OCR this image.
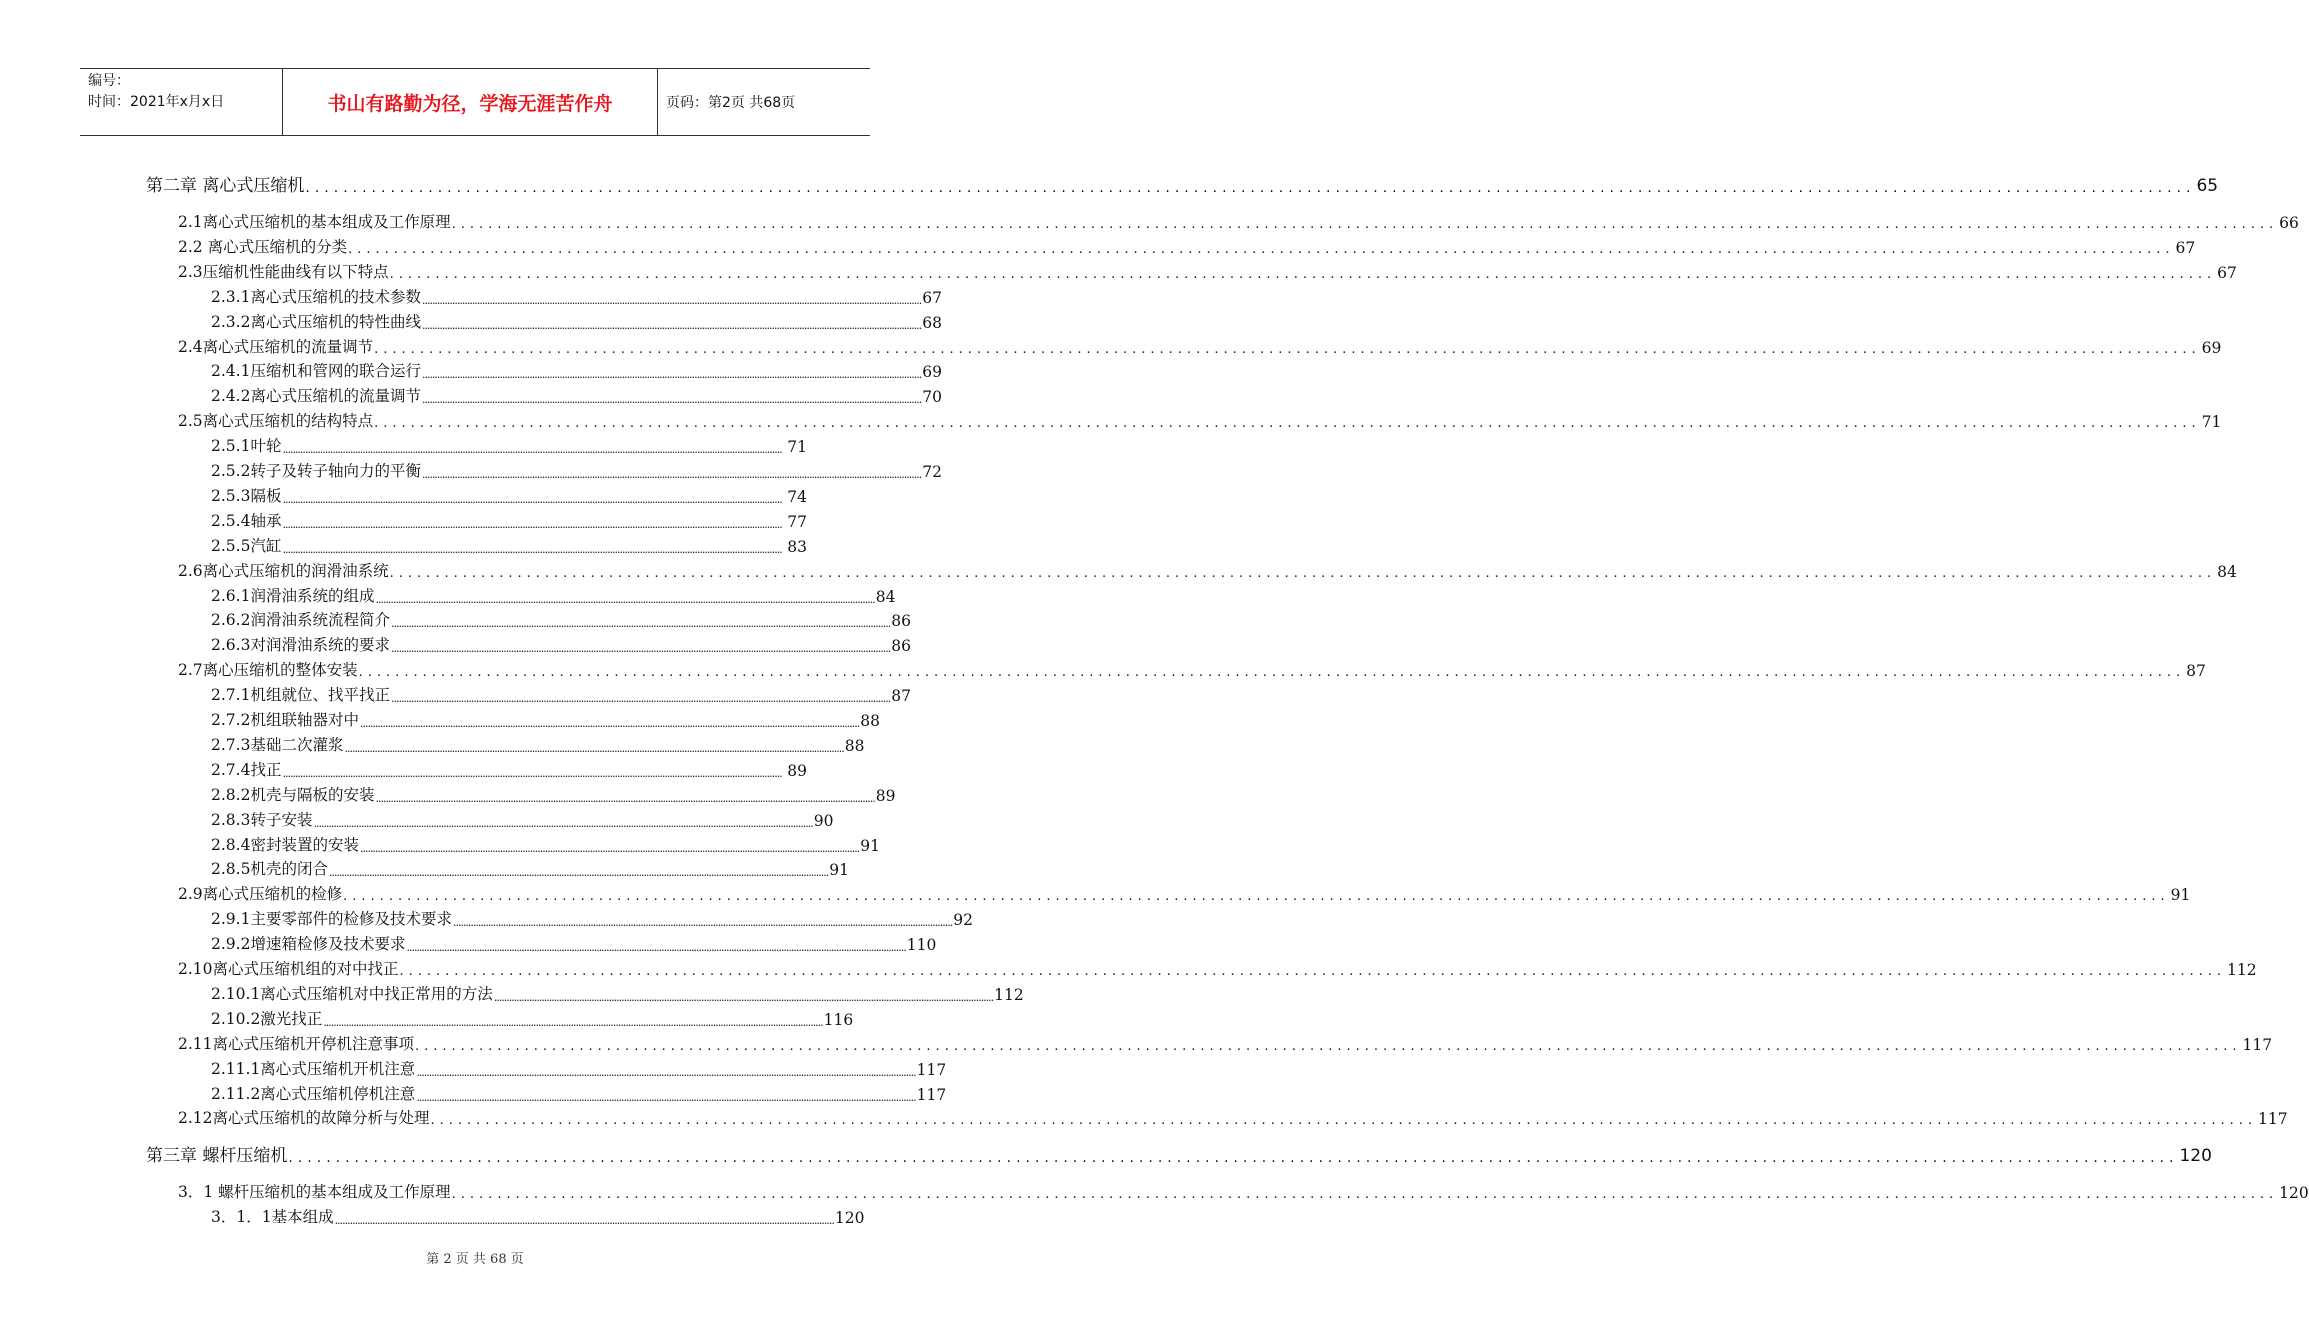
编号：
时间：2021年x月x日	书山有路勤为径，学海无涯苦作舟	页码：第2页 共68页
第二章 离心式压缩机 ........................................................................................................................................................................................................ 65
2.1离心式压缩机的基本组成及工作原理 ........................................................................................................................................................................................................ 66
2.2 离心式压缩机的分类 ........................................................................................................................................................................................................ 67
2.3压缩机性能曲线有以下特点 ........................................................................................................................................................................................................ 67
2.3.1离心式压缩机的技术参数 ........................................................................................................................................................................................................ 67
2.3.2离心式压缩机的特性曲线 ........................................................................................................................................................................................................ 68
2.4离心式压缩机的流量调节 ........................................................................................................................................................................................................ 69
2.4.1压缩机和管网的联合运行 ........................................................................................................................................................................................................ 69
2.4.2离心式压缩机的流量调节 ........................................................................................................................................................................................................ 70
2.5离心式压缩机的结构特点 ........................................................................................................................................................................................................ 71
2.5.1叶轮 ........................................................................................................................................................................................................ 71
2.5.2转子及转子轴向力的平衡 ........................................................................................................................................................................................................ 72
2.5.3隔板 ........................................................................................................................................................................................................ 74
2.5.4轴承 ........................................................................................................................................................................................................ 77
2.5.5汽缸 ........................................................................................................................................................................................................ 83
2.6离心式压缩机的润滑油系统 ........................................................................................................................................................................................................ 84
2.6.1润滑油系统的组成 ........................................................................................................................................................................................................ 84
2.6.2润滑油系统流程简介 ........................................................................................................................................................................................................ 86
2.6.3对润滑油系统的要求 ........................................................................................................................................................................................................ 86
2.7离心压缩机的整体安装 ........................................................................................................................................................................................................ 87
2.7.1机组就位、找平找正 ........................................................................................................................................................................................................ 87
2.7.2机组联轴器对中 ........................................................................................................................................................................................................ 88
2.7.3基础二次灌浆 ........................................................................................................................................................................................................ 88
2.7.4找正 ........................................................................................................................................................................................................ 89
2.8.2机壳与隔板的安装 ........................................................................................................................................................................................................ 89
2.8.3转子安装 ........................................................................................................................................................................................................ 90
2.8.4密封装置的安装 ........................................................................................................................................................................................................ 91
2.8.5机壳的闭合 ........................................................................................................................................................................................................ 91
2.9离心式压缩机的检修 ........................................................................................................................................................................................................ 91
2.9.1主要零部件的检修及技术要求 ........................................................................................................................................................................................................ 92
2.9.2增速箱检修及技术要求 ........................................................................................................................................................................................................ 110
2.10离心式压缩机组的对中找正 ........................................................................................................................................................................................................ 112
2.10.1离心式压缩机对中找正常用的方法 ........................................................................................................................................................................................................ 112
2.10.2激光找正 ........................................................................................................................................................................................................ 116
2.11离心式压缩机开停机注意事项 ........................................................................................................................................................................................................ 117
2.11.1离心式压缩机开机注意 ........................................................................................................................................................................................................ 117
2.11.2离心式压缩机停机注意 ........................................................................................................................................................................................................ 117
2.12离心式压缩机的故障分析与处理 ........................................................................................................................................................................................................ 117
第三章 螺杆压缩机 ........................................................................................................................................................................................................ 120
3．1 螺杆压缩机的基本组成及工作原理 ........................................................................................................................................................................................................ 120
3．1．1基本组成 ........................................................................................................................................................................................................ 120
第 2 页 共 68 页
